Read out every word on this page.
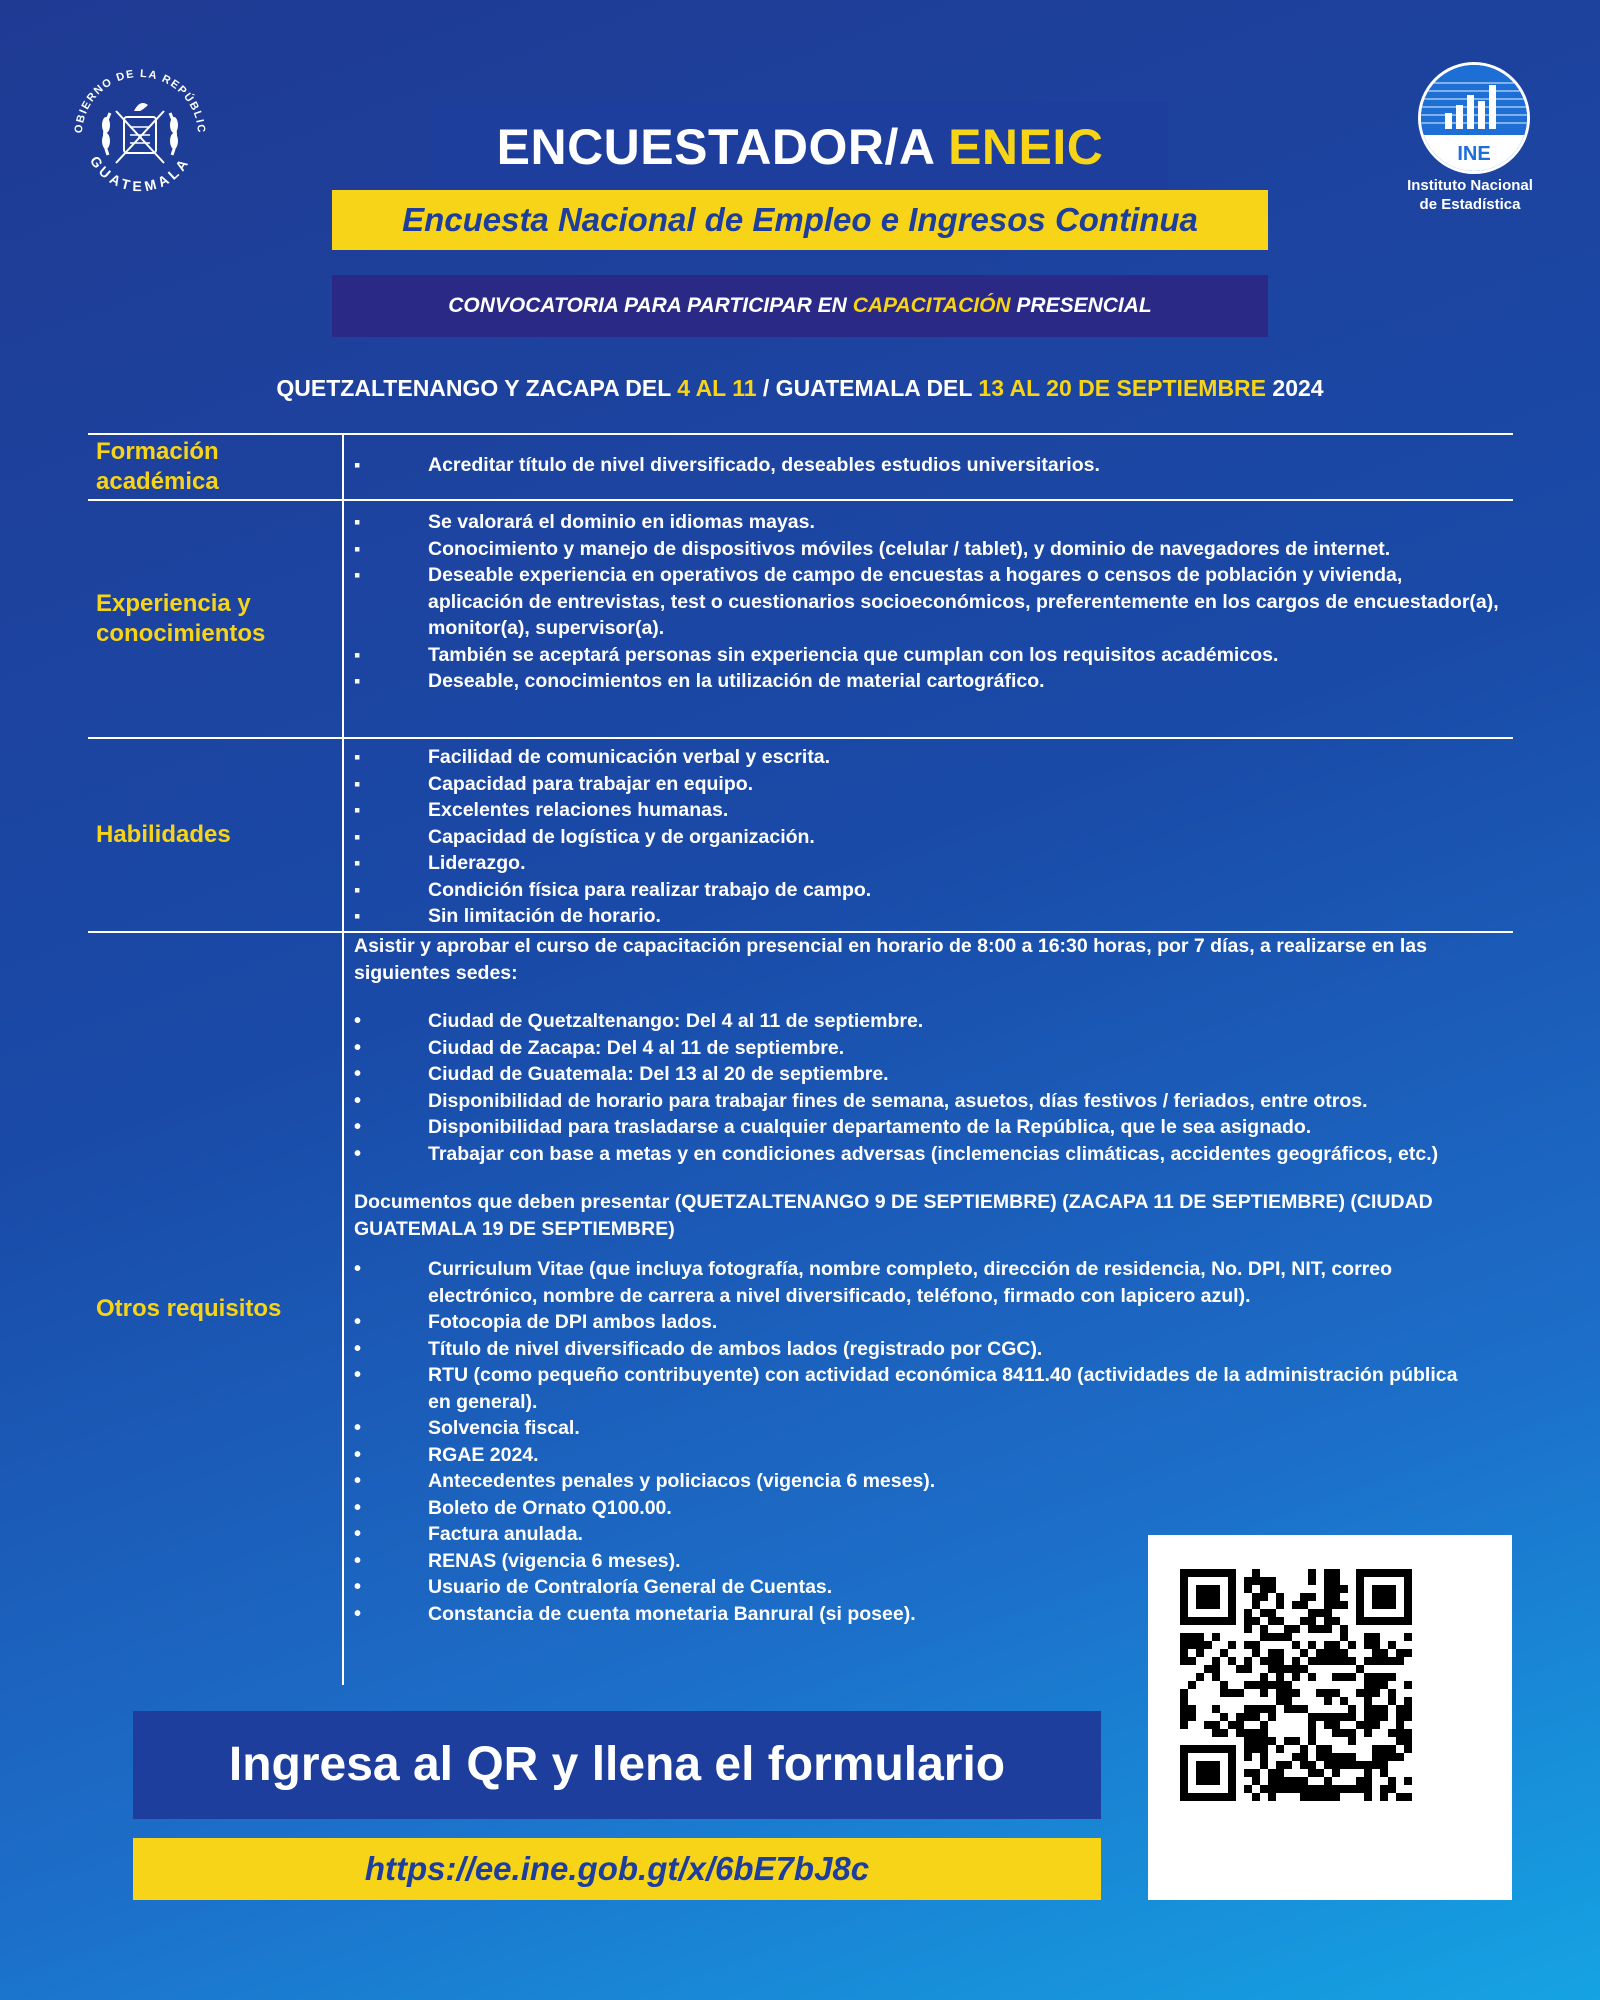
OBIERNO DE LA REPÚBLIC
GUATEMALA	INE
Instituto Nacional
de Estadística
ENCUESTADOR/A ENEIC
Encuesta Nacional de Empleo e Ingresos Continua
CONVOCATORIA PARA PARTICIPAR EN CAPACITACIÓN PRESENCIAL
QUETZALTENANGO Y ZACAPA DEL 4 AL 11 / GUATEMALA DEL 13 AL 20 DE SEPTIEMBRE 2024
Formación académica
▪ Acreditar título de nivel diversificado, deseables estudios universitarios.
Experiencia y conocimientos
▪ Se valorará el dominio en idiomas mayas.
▪ Conocimiento y manejo de dispositivos móviles (celular / tablet), y dominio de navegadores de internet.
▪ Deseable experiencia en operativos de campo de encuestas a hogares o censos de población y vivienda, aplicación de entrevistas, test o cuestionarios socioeconómicos, preferentemente en los cargos de encuestador(a), monitor(a), supervisor(a).
▪ También se aceptará personas sin experiencia que cumplan con los requisitos académicos.
▪ Deseable, conocimientos en la utilización de material cartográfico.
Habilidades
▪ Facilidad de comunicación verbal y escrita.
▪ Capacidad para trabajar en equipo.
▪ Excelentes relaciones humanas.
▪ Capacidad de logística y de organización.
▪ Liderazgo.
▪ Condición física para realizar trabajo de campo.
▪ Sin limitación de horario.
Otros requisitos
Asistir y aprobar el curso de capacitación presencial en horario de 8:00 a 16:30 horas, por 7 días, a realizarse en las siguientes sedes:
• Ciudad de Quetzaltenango: Del 4 al 11 de septiembre.
• Ciudad de Zacapa: Del 4 al 11 de septiembre.
• Ciudad de Guatemala: Del 13 al 20 de septiembre.
• Disponibilidad de horario para trabajar fines de semana, asuetos, días festivos / feriados, entre otros.
• Disponibilidad para trasladarse a cualquier departamento de la República, que le sea asignado.
• Trabajar con base a metas y en condiciones adversas (inclemencias climáticas, accidentes geográficos, etc.)
Documentos que deben presentar (QUETZALTENANGO 9 DE SEPTIEMBRE) (ZACAPA 11 DE SEPTIEMBRE) (CIUDAD GUATEMALA 19 DE SEPTIEMBRE)
• Curriculum Vitae (que incluya fotografía, nombre completo, dirección de residencia, No. DPI, NIT, correo electrónico, nombre de carrera a nivel diversificado, teléfono, firmado con lapicero azul).
• Fotocopia de DPI ambos lados.
• Título de nivel diversificado de ambos lados (registrado por CGC).
• RTU (como pequeño contribuyente) con actividad económica 8411.40 (actividades de la administración pública en general).
• Solvencia fiscal.
• RGAE 2024.
• Antecedentes penales y policiacos (vigencia 6 meses).
• Boleto de Ornato Q100.00.
• Factura anulada.
• RENAS (vigencia 6 meses).
• Usuario de Contraloría General de Cuentas.
• Constancia de cuenta monetaria Banrural (si posee).
Ingresa al QR y llena el formulario
https://ee.ine.gob.gt/x/6bE7bJ8c
